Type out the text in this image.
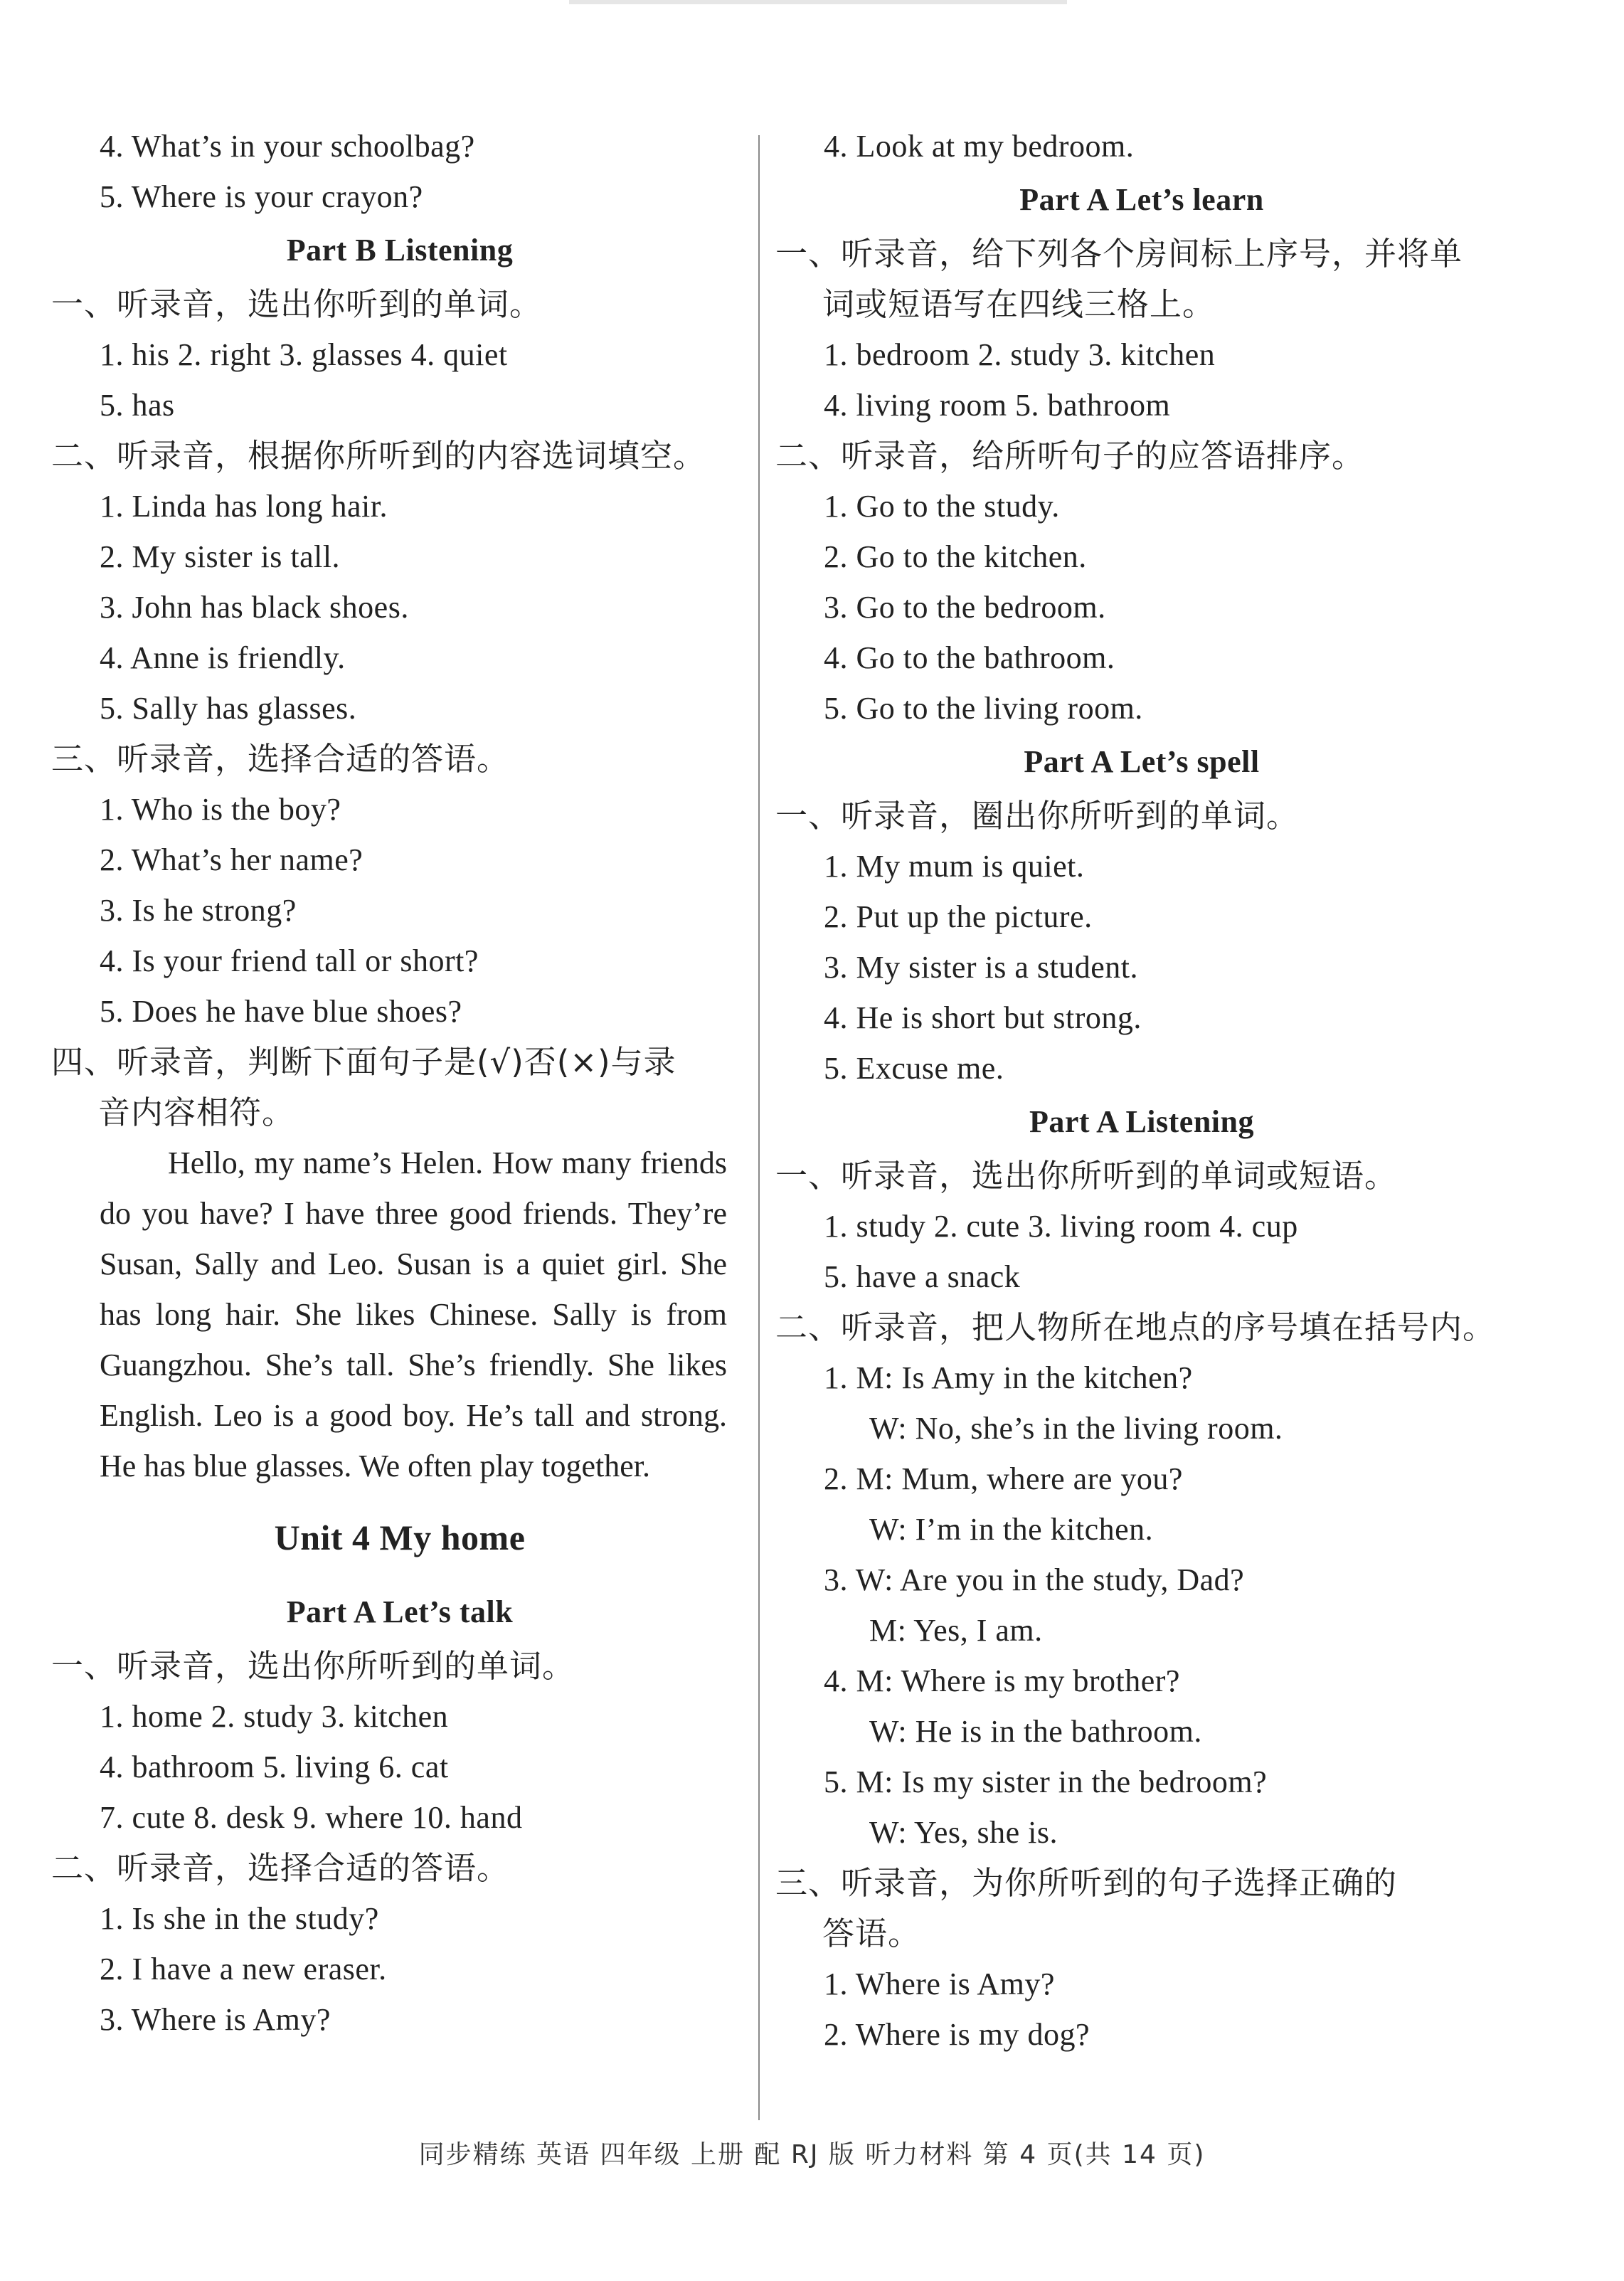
4. What’s in your schoolbag?
5. Where is your crayon?
Part B Listening
一、听录音，选出你听到的单词。
1. his 2. right 3. glasses 4. quiet
5. has
二、听录音，根据你所听到的内容选词填空。
1. Linda has long hair.
2. My sister is tall.
3. John has black shoes.
4. Anne is friendly.
5. Sally has glasses.
三、听录音，选择合适的答语。
1. Who is the boy?
2. What’s her name?
3. Is he strong?
4. Is your friend tall or short?
5. Does he have blue shoes?
四、听录音，判断下面句子是(√)否(×)与录
音内容相符。
Hello, my name’s Helen. How many friends do you have? I have three good friends. They’re Susan, Sally and Leo. Susan is a quiet girl. She has long hair. She likes Chinese. Sally is from Guangzhou. She’s tall. She’s friendly. She likes English. Leo is a good boy. He’s tall and strong. He has blue glasses. We often play together.
Unit 4 My home
Part A Let’s talk
一、听录音，选出你所听到的单词。
1. home 2. study 3. kitchen
4. bathroom 5. living 6. cat
7. cute 8. desk 9. where 10. hand
二、听录音，选择合适的答语。
1. Is she in the study?
2. I have a new eraser.
3. Where is Amy?
4. Look at my bedroom.
Part A Let’s learn
一、听录音，给下列各个房间标上序号，并将单
词或短语写在四线三格上。
1. bedroom 2. study 3. kitchen
4. living room 5. bathroom
二、听录音，给所听句子的应答语排序。
1. Go to the study.
2. Go to the kitchen.
3. Go to the bedroom.
4. Go to the bathroom.
5. Go to the living room.
Part A Let’s spell
一、听录音，圈出你所听到的单词。
1. My mum is quiet.
2. Put up the picture.
3. My sister is a student.
4. He is short but strong.
5. Excuse me.
Part A Listening
一、听录音，选出你所听到的单词或短语。
1. study 2. cute 3. living room 4. cup
5. have a snack
二、听录音，把人物所在地点的序号填在括号内。
1. M: Is Amy in the kitchen?
W: No, she’s in the living room.
2. M: Mum, where are you?
W: I’m in the kitchen.
3. W: Are you in the study, Dad?
M: Yes, I am.
4. M: Where is my brother?
W: He is in the bathroom.
5. M: Is my sister in the bedroom?
W: Yes, she is.
三、听录音，为你所听到的句子选择正确的
答语。
1. Where is Amy?
2. Where is my dog?
同步精练 英语 四年级 上册 配 RJ 版 听力材料 第 4 页(共 14 页)
